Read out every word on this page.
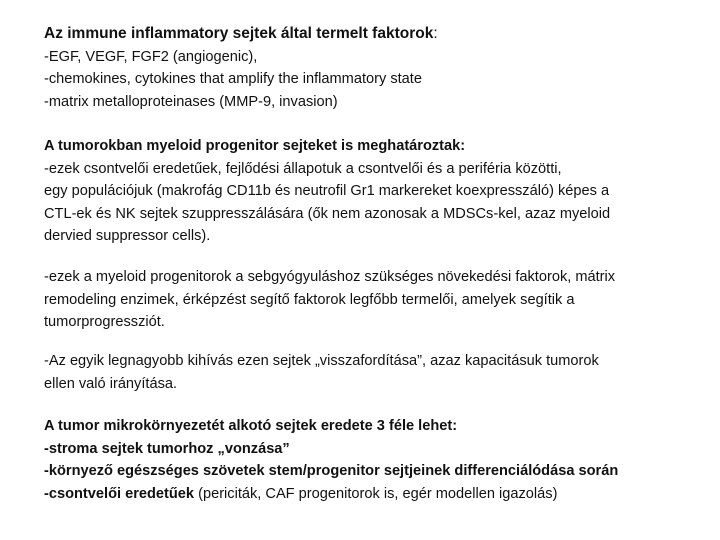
Az immune inflammatory sejtek által termelt faktorok:
-EGF, VEGF, FGF2 (angiogenic),
-chemokines, cytokines that amplify the inflammatory state
-matrix metalloproteinases (MMP-9, invasion)
A tumorokban myeloid progenitor sejteket is meghatároztak:
-ezek csontvelői eredetűek, fejlődési állapotuk a csontvelői és a periféria közötti,
egy populációjuk (makrofág CD11b és neutrofil Gr1 markereket koexpresszáló) képes a
CTL-ek és NK sejtek szuppresszálására (ők nem azonosak a MDSCs-kel, azaz myeloid
dervied suppressor cells).
-ezek a myeloid progenitorok a sebgyógyuláshoz szükséges növekedési faktorok, mátrix
remodeling enzimek, érképzést segítő faktorok legfőbb termelői, amelyek segítik a
tumorprogressziót.
-Az egyik legnagyobb kihívás ezen sejtek „visszafordítása”, azaz kapacitásuk tumorok
ellen való irányítása.
A tumor mikrokörnyezetét alkotó sejtek eredete 3 féle lehet:
-stroma sejtek tumorhoz „vonzása”
-környező egészséges szövetek stem/progenitor sejtjeinek differenciálódása során
-csontvelői eredetűek (periciták, CAF progenitorok is, egér modellen igazolás)
